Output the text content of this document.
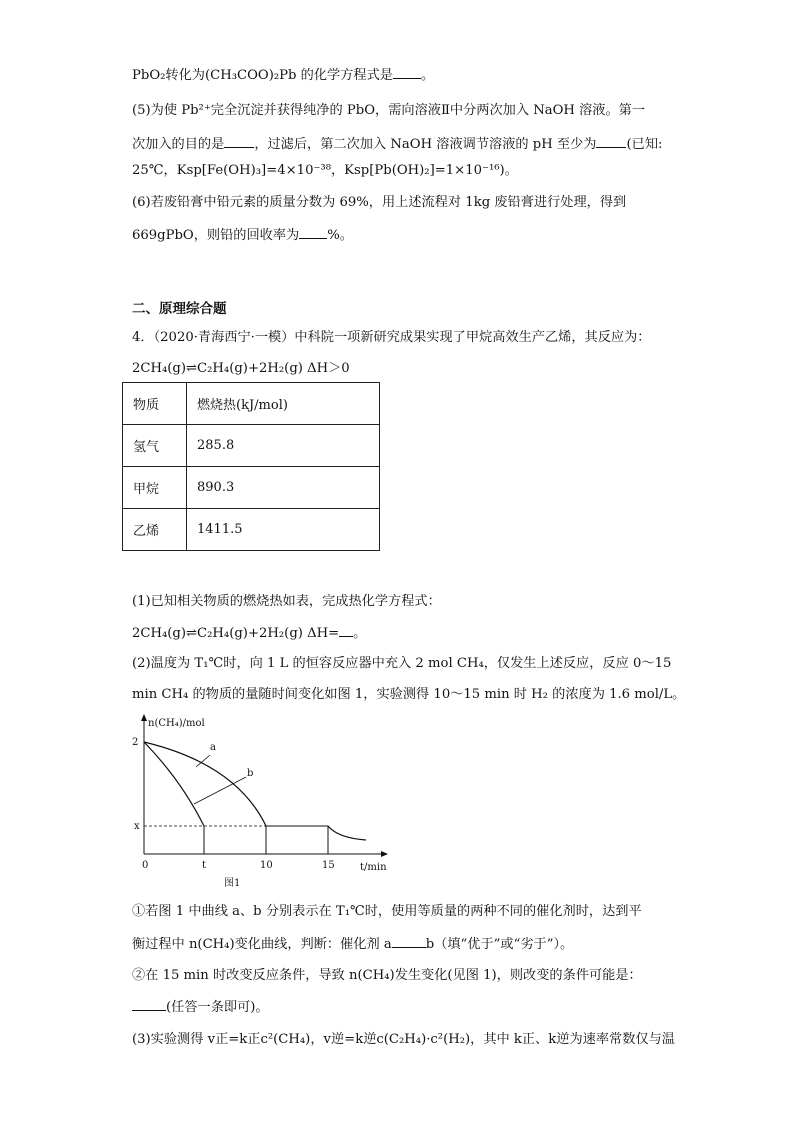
PbO₂转化为(CH₃COO)₂Pb 的化学方程式是 。
(5)为使 Pb²⁺完全沉淀并获得纯净的 PbO，需向溶液Ⅱ中分两次加入 NaOH 溶液。第一
次加入的目的是 ，过滤后，第二次加入 NaOH 溶液调节溶液的 pH 至少为 (已知:
25℃，Ksp[Fe(OH)₃]=4×10⁻³⁸，Ksp[Pb(OH)₂]=1×10⁻¹⁶)。
(6)若废铅膏中铅元素的质量分数为 69%，用上述流程对 1kg 废铅膏进行处理，得到
669gPbO，则铅的回收率为 %。
二、原理综合题
4．（2020·青海西宁·一模）中科院一项新研究成果实现了甲烷高效生产乙烯，其反应为：
2CH₄(g)⇌C₂H₄(g)+2H₂(g) ΔH＞0
物质	燃烧热(kJ/mol)
氢气	285.8
甲烷	890.3
乙烯	1411.5
(1)已知相关物质的燃烧热如表，完成热化学方程式：
2CH₄(g)⇌C₂H₄(g)+2H₂(g) ΔH= 。
(2)温度为 T₁℃时，向 1 L 的恒容反应器中充入 2 mol CH₄，仅发生上述反应，反应 0～15
min CH₄ 的物质的量随时间变化如图 1，实验测得 10～15 min 时 H₂ 的浓度为 1.6 mol/L。
n(CH₄)/mol
2
x
a
b
0	t	10	15	t/min
图1
①若图 1 中曲线 a、b 分别表示在 T₁℃时，使用等质量的两种不同的催化剂时，达到平
衡过程中 n(CH₄)变化曲线，判断：催化剂 a	b（填“优于”或“劣于”）。
②在 15 min 时改变反应条件，导致 n(CH₄)发生变化(见图 1)，则改变的条件可能是：
(任答一条即可)。
(3)实验测得 v正=k正c²(CH₄)，v逆=k逆c(C₂H₄)·c²(H₂)，其中 k正、k逆为速率常数仅与温
